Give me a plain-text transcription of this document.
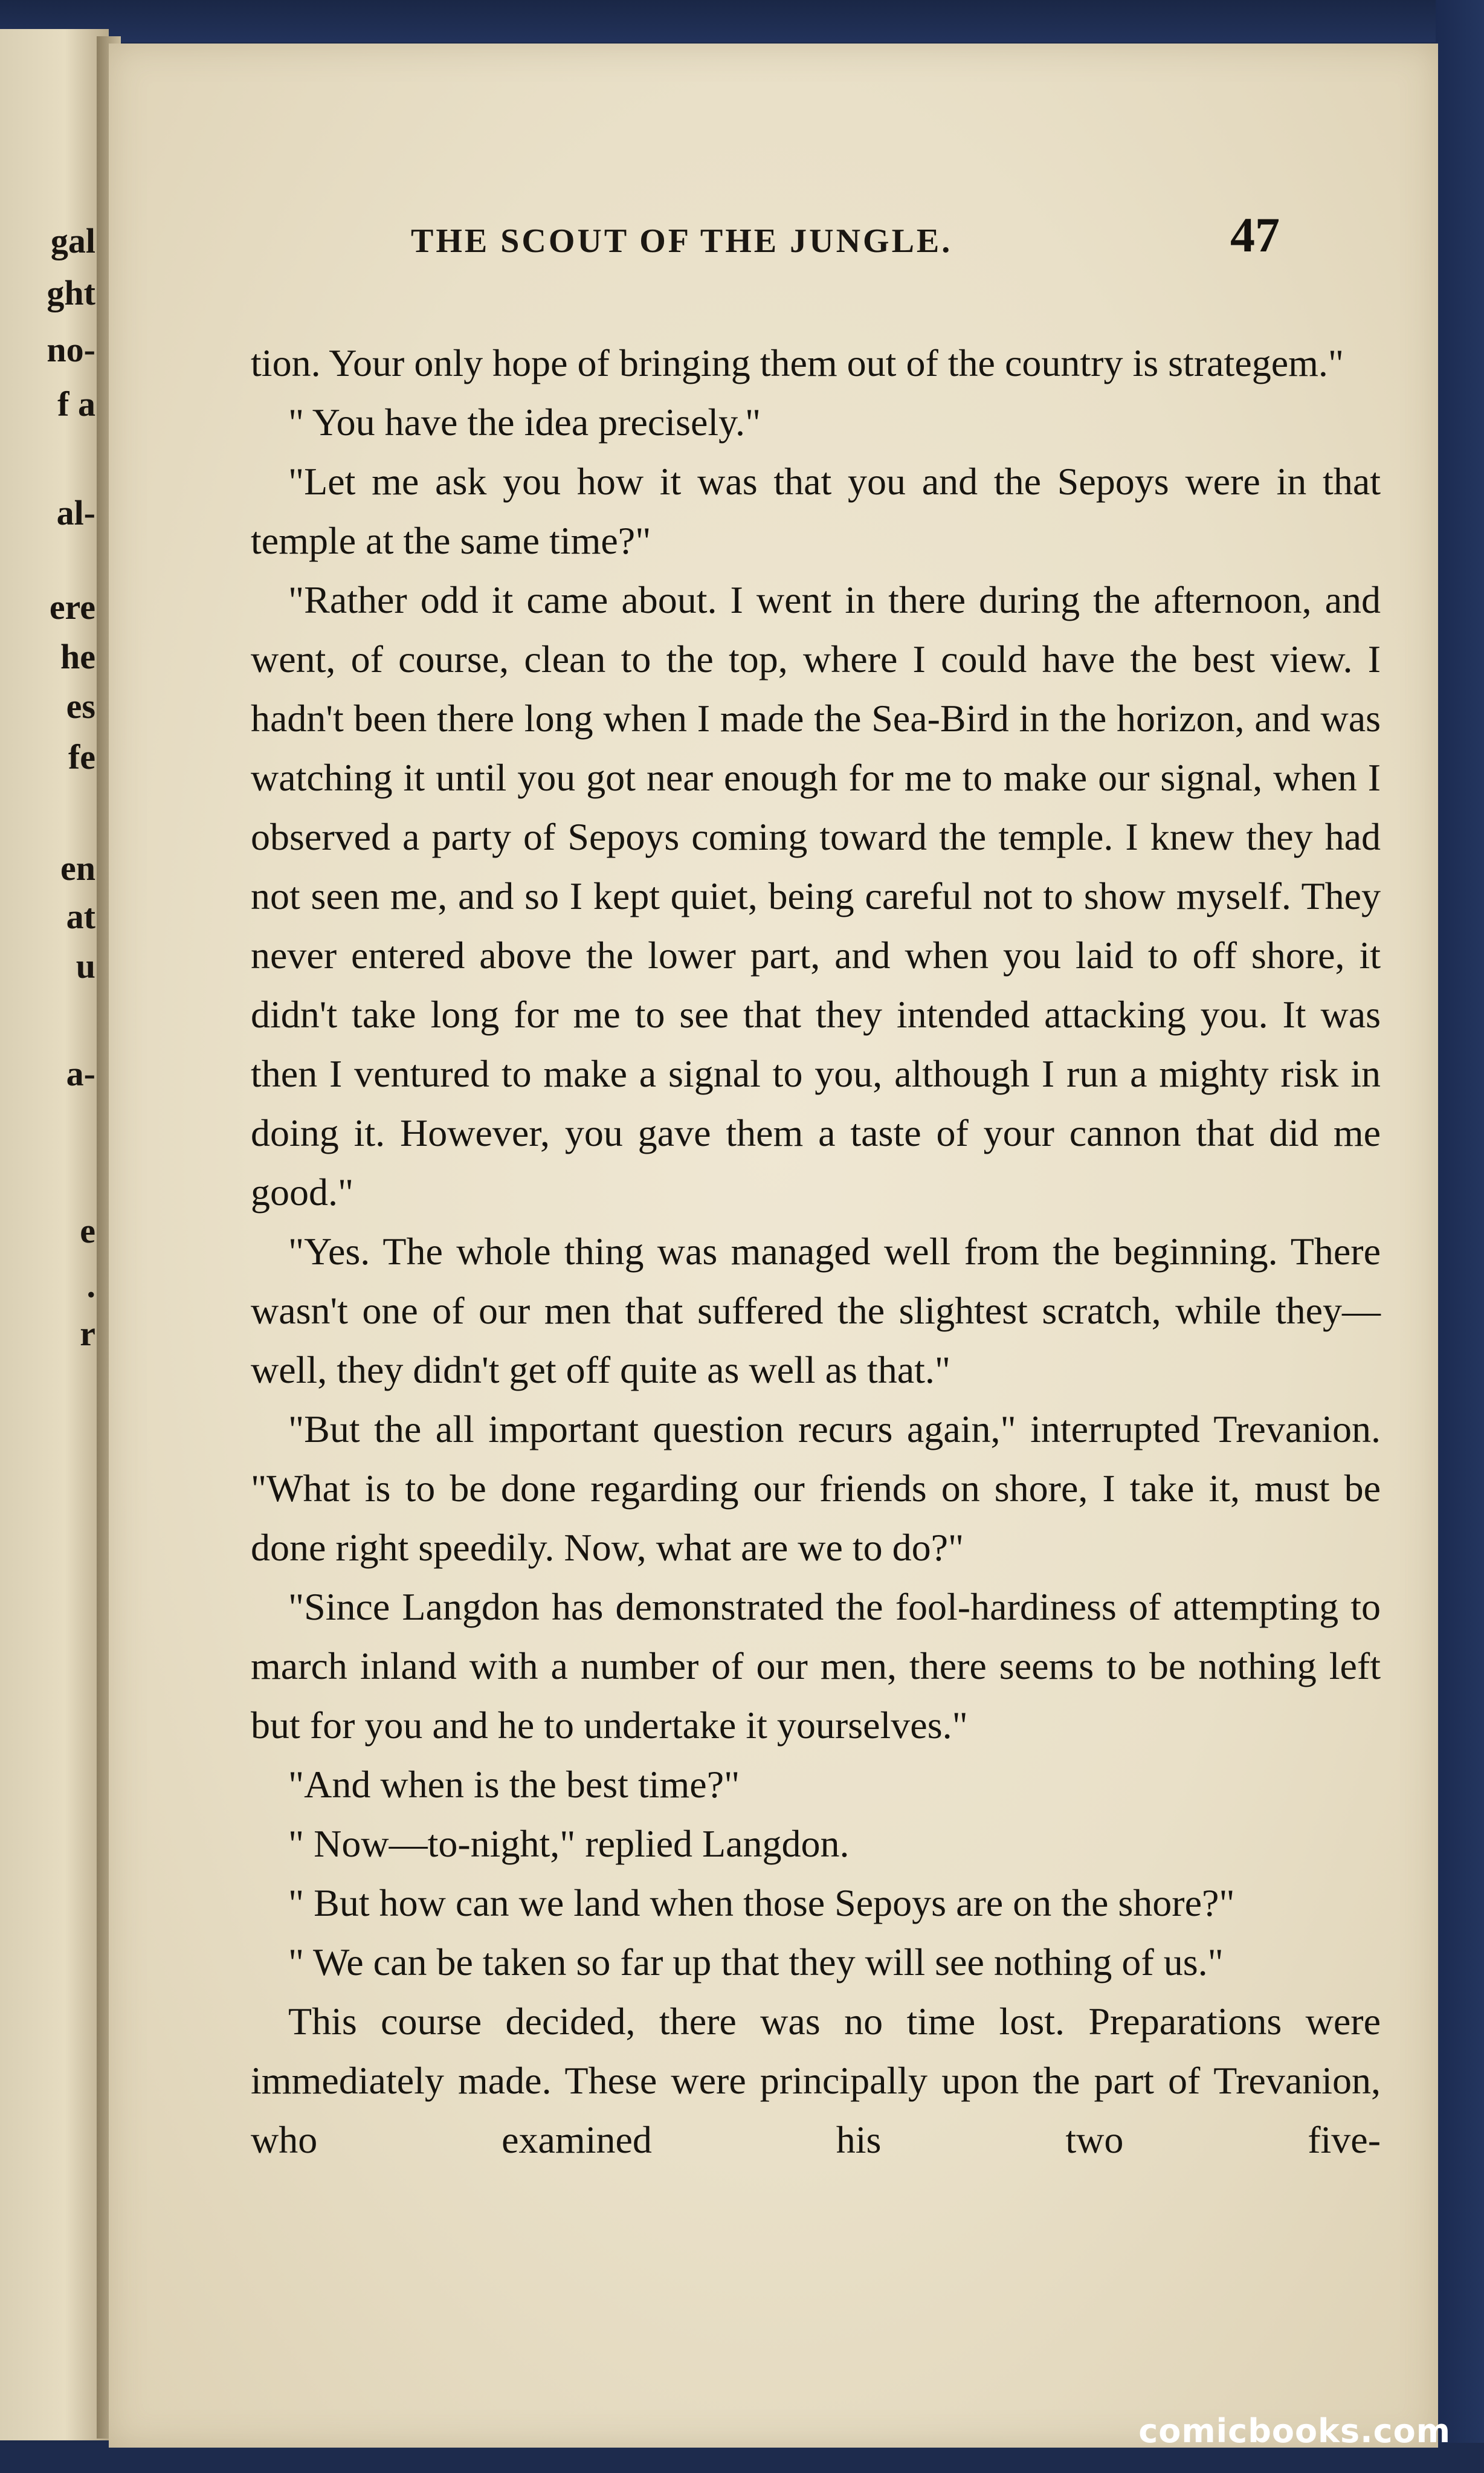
gal
ght
no-
f a
al-
ere
he
es
fe
en
at
u
a-
e
.
r
THE SCOUT OF THE JUNGLE.	47

tion. Your only hope of bringing them out of the country is strategem."

" You have the idea precisely."

"Let me ask you how it was that you and the Sepoys were in that temple at the same time?"

"Rather odd it came about. I went in there during the afternoon, and went, of course, clean to the top, where I could have the best view. I hadn't been there long when I made the Sea-Bird in the horizon, and was watching it until you got near enough for me to make our signal, when I observed a party of Sepoys coming toward the temple. I knew they had not seen me, and so I kept quiet, being careful not to show myself. They never entered above the lower part, and when you laid to off shore, it didn't take long for me to see that they intended attacking you. It was then I ventured to make a signal to you, although I run a mighty risk in doing it. However, you gave them a taste of your cannon that did me good."

"Yes. The whole thing was managed well from the beginning. There wasn't one of our men that suffered the slightest scratch, while they—well, they didn't get off quite as well as that."

"But the all important question recurs again," interrupted Trevanion. "What is to be done regarding our friends on shore, I take it, must be done right speedily. Now, what are we to do?"

"Since Langdon has demonstrated the fool-hardiness of attempting to march inland with a number of our men, there seems to be nothing left but for you and he to undertake it yourselves."

"And when is the best time?"

" Now—to-night," replied Langdon.

" But how can we land when those Sepoys are on the shore?"

" We can be taken so far up that they will see nothing of us."

This course decided, there was no time lost. Preparations were immediately made. These were principally upon the part of Trevanion, who examined his two five-

comicbooks.com
